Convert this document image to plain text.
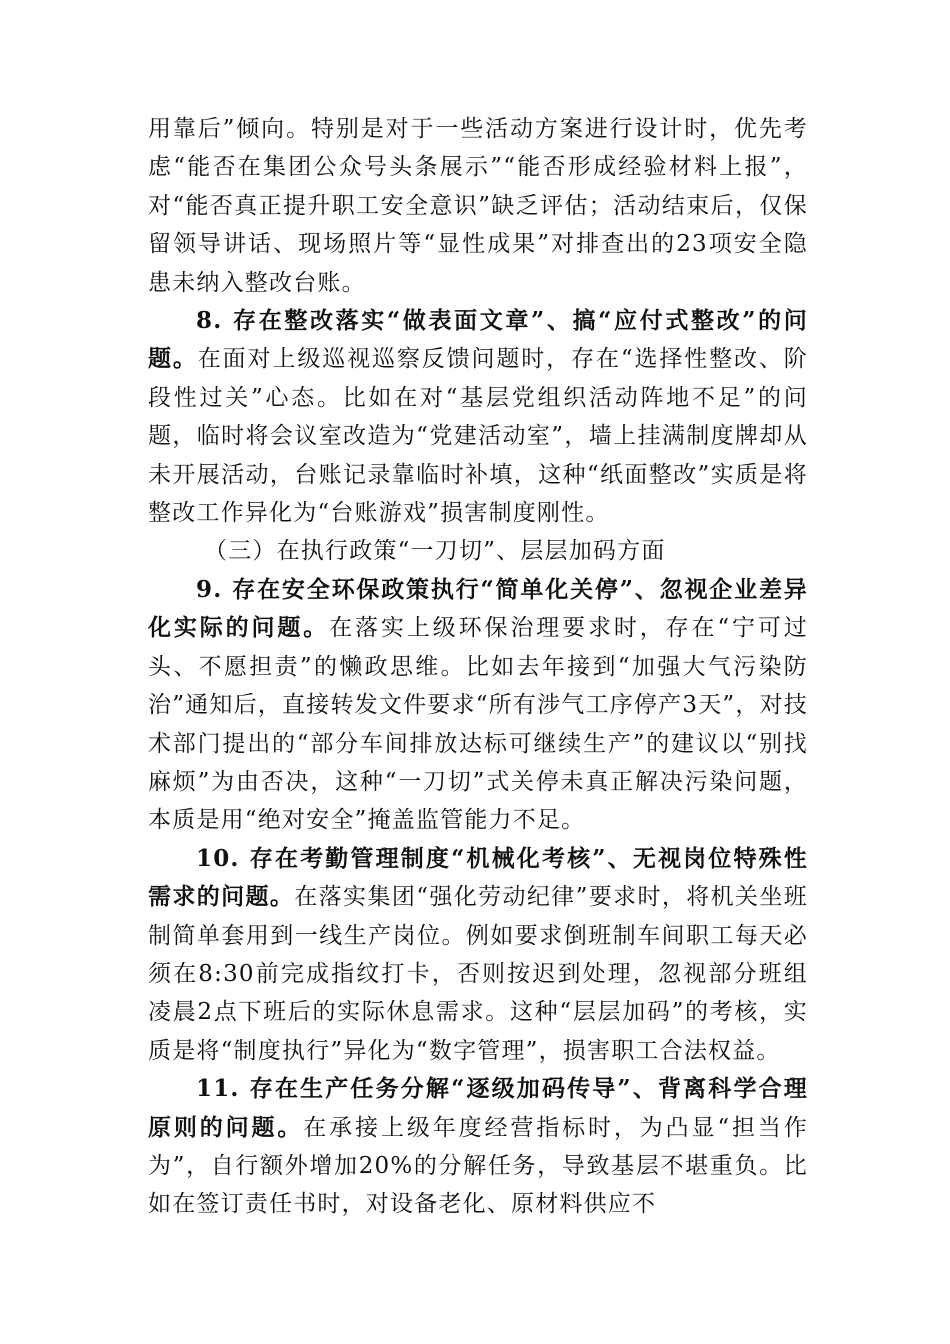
用靠后”倾向。特别是对于一些活动方案进行设计时，优先考虑“能否在集团公众号头条展示”“能否形成经验材料上报”，对“能否真正提升职工安全意识”缺乏评估；活动结束后，仅保留领导讲话、现场照片等“显性成果”对排查出的23项安全隐患未纳入整改台账。

8. 存在整改落实“做表面文章”、搞“应付式整改”的问题。在面对上级巡视巡察反馈问题时，存在“选择性整改、阶段性过关”心态。比如在对“基层党组织活动阵地不足”的问题，临时将会议室改造为“党建活动室”，墙上挂满制度牌却从未开展活动，台账记录靠临时补填，这种“纸面整改”实质是将整改工作异化为“台账游戏”损害制度刚性。

（三）在执行政策“一刀切”、层层加码方面

9. 存在安全环保政策执行“简单化关停”、忽视企业差异化实际的问题。在落实上级环保治理要求时，存在“宁可过头、不愿担责”的懒政思维。比如去年接到“加强大气污染防治”通知后，直接转发文件要求“所有涉气工序停产3天”，对技术部门提出的“部分车间排放达标可继续生产”的建议以“别找麻烦”为由否决，这种“一刀切”式关停未真正解决污染问题，本质是用“绝对安全”掩盖监管能力不足。

10. 存在考勤管理制度“机械化考核”、无视岗位特殊性需求的问题。在落实集团“强化劳动纪律”要求时，将机关坐班制简单套用到一线生产岗位。例如要求倒班制车间职工每天必须在8:30前完成指纹打卡，否则按迟到处理，忽视部分班组凌晨2点下班后的实际休息需求。这种“层层加码”的考核，实质是将“制度执行”异化为“数字管理”，损害职工合法权益。

11. 存在生产任务分解“逐级加码传导”、背离科学合理原则的问题。在承接上级年度经营指标时，为凸显“担当作为”，自行额外增加20%的分解任务，导致基层不堪重负。比如在签订责任书时，对设备老化、原材料供应不
